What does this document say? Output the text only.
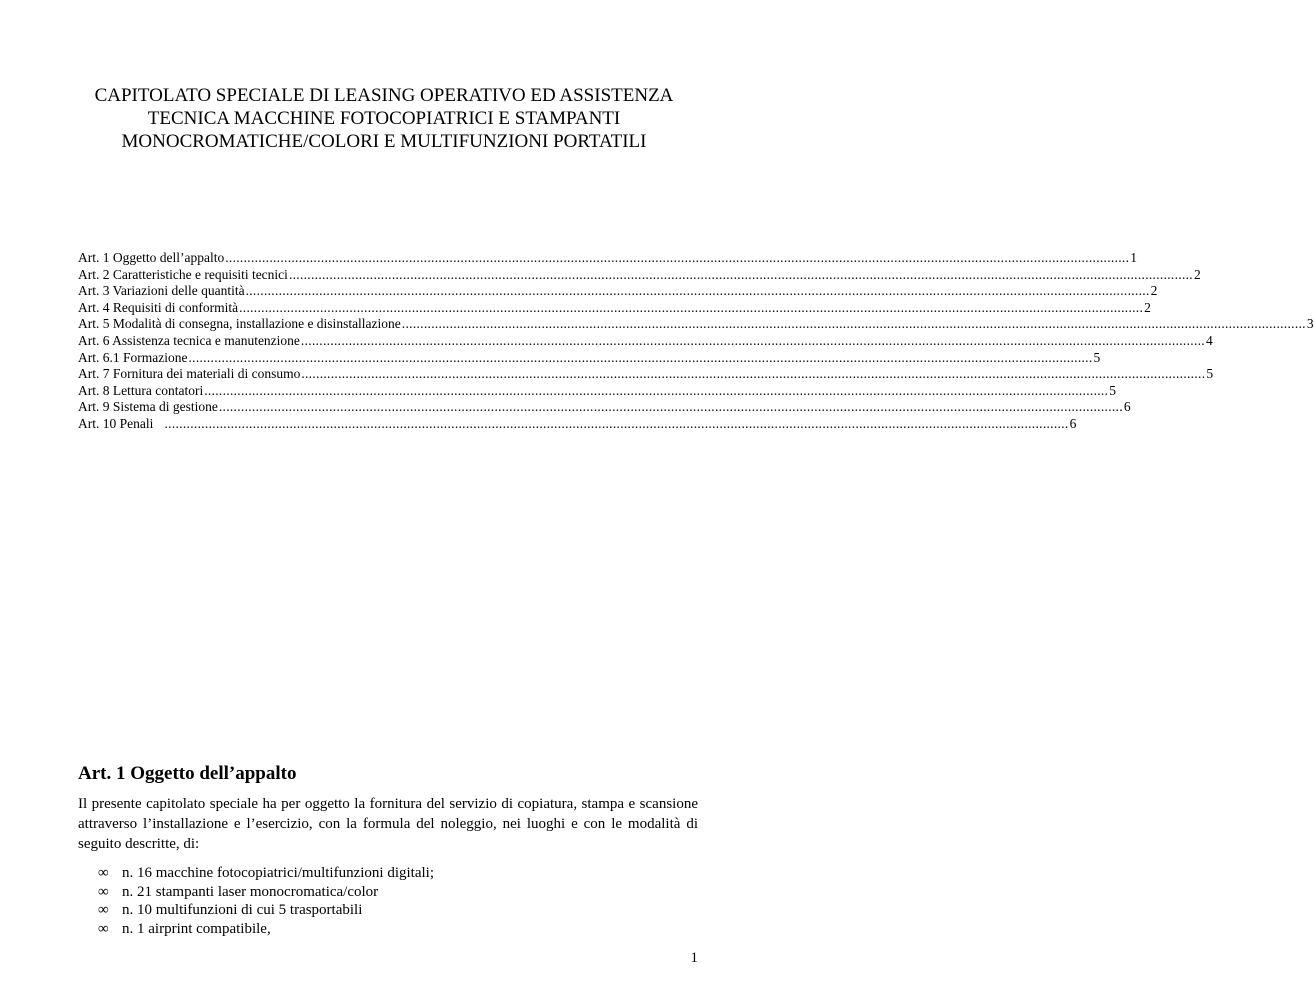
CAPITOLATO SPECIALE DI LEASING OPERATIVO ED ASSISTENZA
TECNICA MACCHINE FOTOCOPIATRICI E STAMPANTI
MONOCROMATICHE/COLORI E MULTIFUNZIONI PORTATILI
Art. 1 Oggetto dell’appalto ...................................................................................................................................................................................................................................................... 1
Art. 2 Caratteristiche e requisiti tecnici ...................................................................................................................................................................................................................................................... 2
Art. 3 Variazioni delle quantità ...................................................................................................................................................................................................................................................... 2
Art. 4 Requisiti di conformità ...................................................................................................................................................................................................................................................... 2
Art. 5 Modalità di consegna, installazione e disinstallazione ...................................................................................................................................................................................................................................................... 3
Art. 6 Assistenza tecnica e manutenzione ...................................................................................................................................................................................................................................................... 4
Art. 6.1 Formazione ...................................................................................................................................................................................................................................................... 5
Art. 7 Fornitura dei materiali di consumo ...................................................................................................................................................................................................................................................... 5
Art. 8 Lettura contatori ...................................................................................................................................................................................................................................................... 5
Art. 9 Sistema di gestione ...................................................................................................................................................................................................................................................... 6
Art. 10 Penali ...................................................................................................................................................................................................................................................... 6
Art. 1 Oggetto dell’appalto

Il presente capitolato speciale ha per oggetto la fornitura del servizio di copiatura, stampa e scansione attraverso l’installazione e l’esercizio, con la formula del noleggio, nei luoghi e con le modalità di seguito descritte, di:

∞ n. 16 macchine fotocopiatrici/multifunzioni digitali;
∞ n. 21 stampanti laser monocromatica/color
∞ n. 10 multifunzioni di cui 5 trasportabili
∞ n. 1 airprint compatibile,
1
